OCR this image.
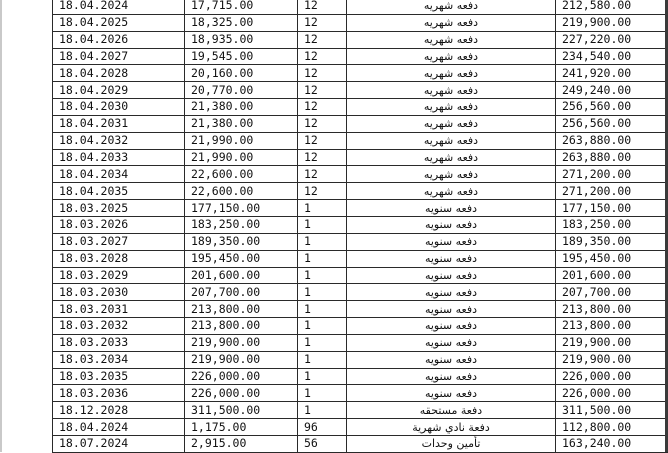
18.04.2024	17,715.00	12	دفعه شهريه	212,580.00
18.04.2025	18,325.00	12	دفعه شهريه	219,900.00
18.04.2026	18,935.00	12	دفعه شهريه	227,220.00
18.04.2027	19,545.00	12	دفعه شهريه	234,540.00
18.04.2028	20,160.00	12	دفعه شهريه	241,920.00
18.04.2029	20,770.00	12	دفعه شهريه	249,240.00
18.04.2030	21,380.00	12	دفعه شهريه	256,560.00
18.04.2031	21,380.00	12	دفعه شهريه	256,560.00
18.04.2032	21,990.00	12	دفعه شهريه	263,880.00
18.04.2033	21,990.00	12	دفعه شهريه	263,880.00
18.04.2034	22,600.00	12	دفعه شهريه	271,200.00
18.04.2035	22,600.00	12	دفعه شهريه	271,200.00
18.03.2025	177,150.00	1	دفعه سنويه	177,150.00
18.03.2026	183,250.00	1	دفعه سنويه	183,250.00
18.03.2027	189,350.00	1	دفعه سنويه	189,350.00
18.03.2028	195,450.00	1	دفعه سنويه	195,450.00
18.03.2029	201,600.00	1	دفعه سنويه	201,600.00
18.03.2030	207,700.00	1	دفعه سنويه	207,700.00
18.03.2031	213,800.00	1	دفعه سنويه	213,800.00
18.03.2032	213,800.00	1	دفعه سنويه	213,800.00
18.03.2033	219,900.00	1	دفعه سنويه	219,900.00
18.03.2034	219,900.00	1	دفعه سنويه	219,900.00
18.03.2035	226,000.00	1	دفعه سنويه	226,000.00
18.03.2036	226,000.00	1	دفعه سنويه	226,000.00
18.12.2028	311,500.00	1	دفعة مستحقه	311,500.00
18.04.2024	1,175.00	96	دفعة نادي شهرية	112,800.00
18.07.2024	2,915.00	56	تأمين وحدات	163,240.00
